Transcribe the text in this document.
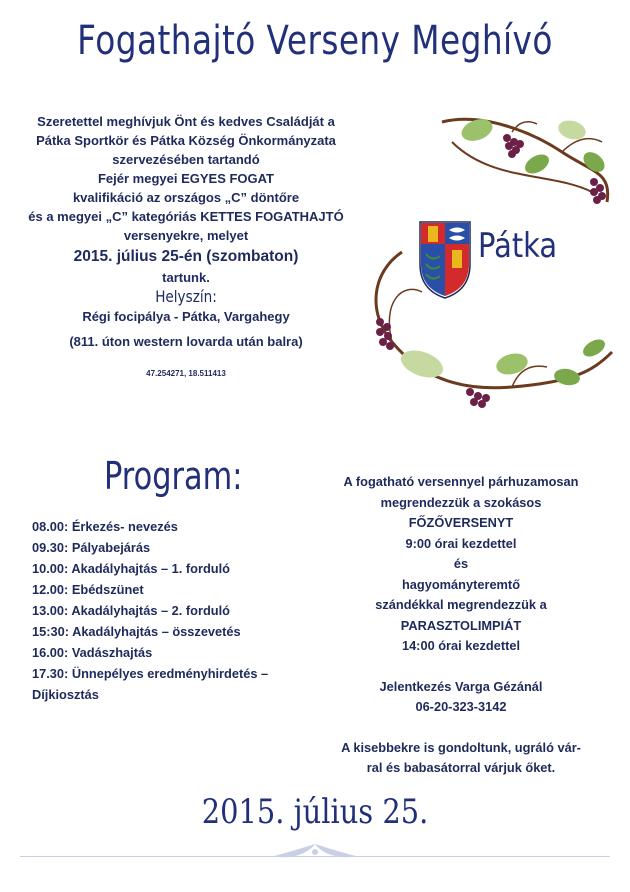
Fogathajtó Verseny Meghívó
Szeretettel meghívjuk Önt és kedves Családját a
Pátka Sportkör és Pátka Község Önkormányzata
szervezésében tartandó
Fejér megyei EGYES FOGAT
kvalifikáció az országos „C” döntőre
és a megyei „C” kategóriás KETTES FOGATHAJTÓ
versenyekre, melyet
2015. július 25-én (szombaton)
tartunk.
Helyszín:
Régi focipálya - Pátka, Vargahegy
(811. úton western lovarda után balra)
47.254271, 18.511413
Pátka
Program:
08.00: Érkezés- nevezés
09.30: Pályabejárás
10.00: Akadályhajtás – 1. forduló
12.00: Ebédszünet
13.00: Akadályhajtás – 2. forduló
15:30: Akadályhajtás – összevetés
16.00: Vadászhajtás
17.30: Ünnepélyes eredményhirdetés –
Díjkiosztás
A fogatható versennyel párhuzamosan
megrendezzük a szokásos
FŐZŐVERSENYT
9:00 órai kezdettel
és
hagyományteremtő
szándékkal megrendezzük a
PARASZTOLIMPIÁT
14:00 órai kezdettel
Jelentkezés Varga Gézánál
06-20-323-3142
A kisebbekre is gondoltunk, ugráló vár-
ral és babasátorral várjuk őket.
2015. július 25.
